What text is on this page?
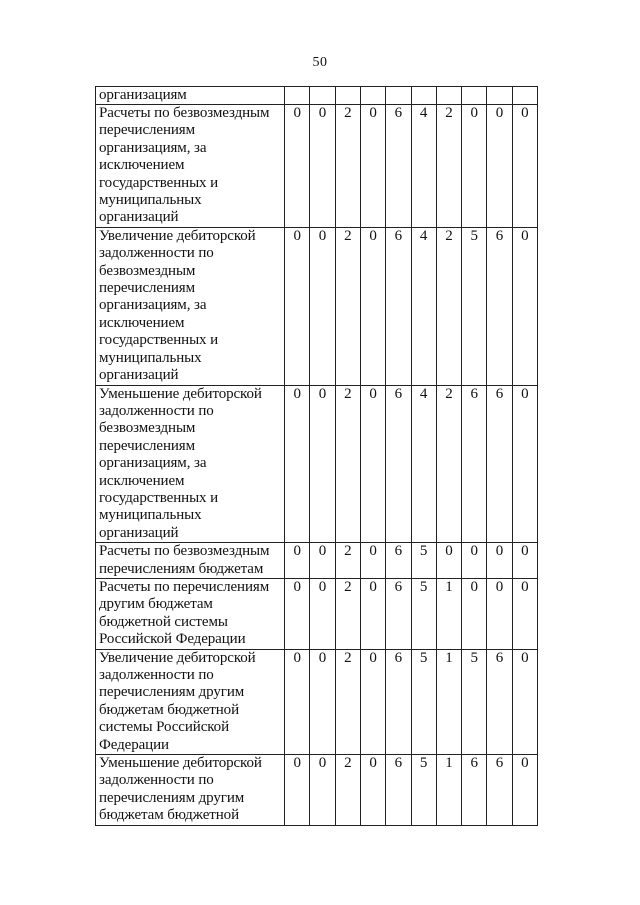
50
организациям										
Расчеты по безвозмездным перечислениям организациям, за исключением государственных и муниципальных организаций	0	0	2	0	6	4	2	0	0	0
Увеличение дебиторской задолженности по безвозмездным перечислениям организациям, за исключением государственных и муниципальных организаций	0	0	2	0	6	4	2	5	6	0
Уменьшение дебиторской задолженности по безвозмездным перечислениям организациям, за исключением государственных и муниципальных организаций	0	0	2	0	6	4	2	6	6	0
Расчеты по безвозмездным перечислениям бюджетам	0	0	2	0	6	5	0	0	0	0
Расчеты по перечислениям другим бюджетам бюджетной системы Российской Федерации	0	0	2	0	6	5	1	0	0	0
Увеличение дебиторской задолженности по перечислениям другим бюджетам бюджетной системы Российской Федерации	0	0	2	0	6	5	1	5	6	0
Уменьшение дебиторской задолженности по перечислениям другим бюджетам бюджетной	0	0	2	0	6	5	1	6	6	0
